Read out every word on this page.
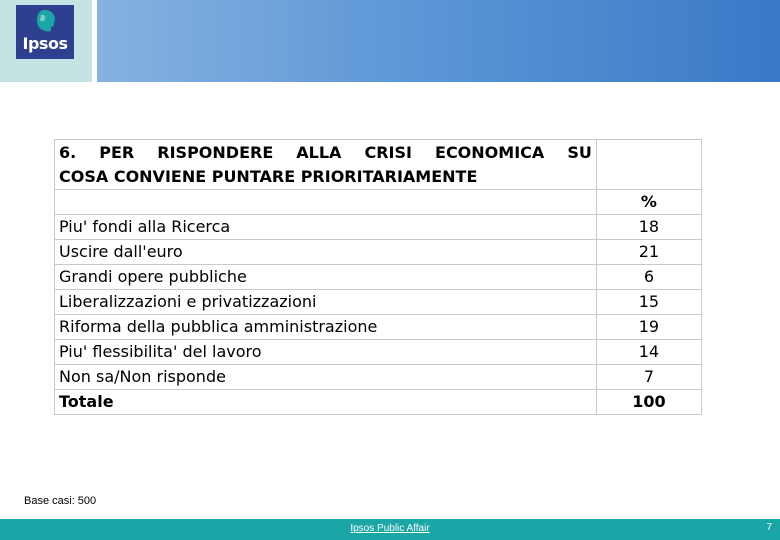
Ipsos
6. PER RISPONDERE ALLA CRISI ECONOMICA SU
COSA CONVIENE PUNTARE PRIORITARIAMENTE	

	%
Piu' fondi alla Ricerca	18
Uscire dall'euro	21
Grandi opere pubbliche	6
Liberalizzazioni e privatizzazioni	15
Riforma della pubblica amministrazione	19
Piu' flessibilita' del lavoro	14
Non sa/Non risponde	7
Totale	100
Base casi: 500
Ipsos Public Affair	7
